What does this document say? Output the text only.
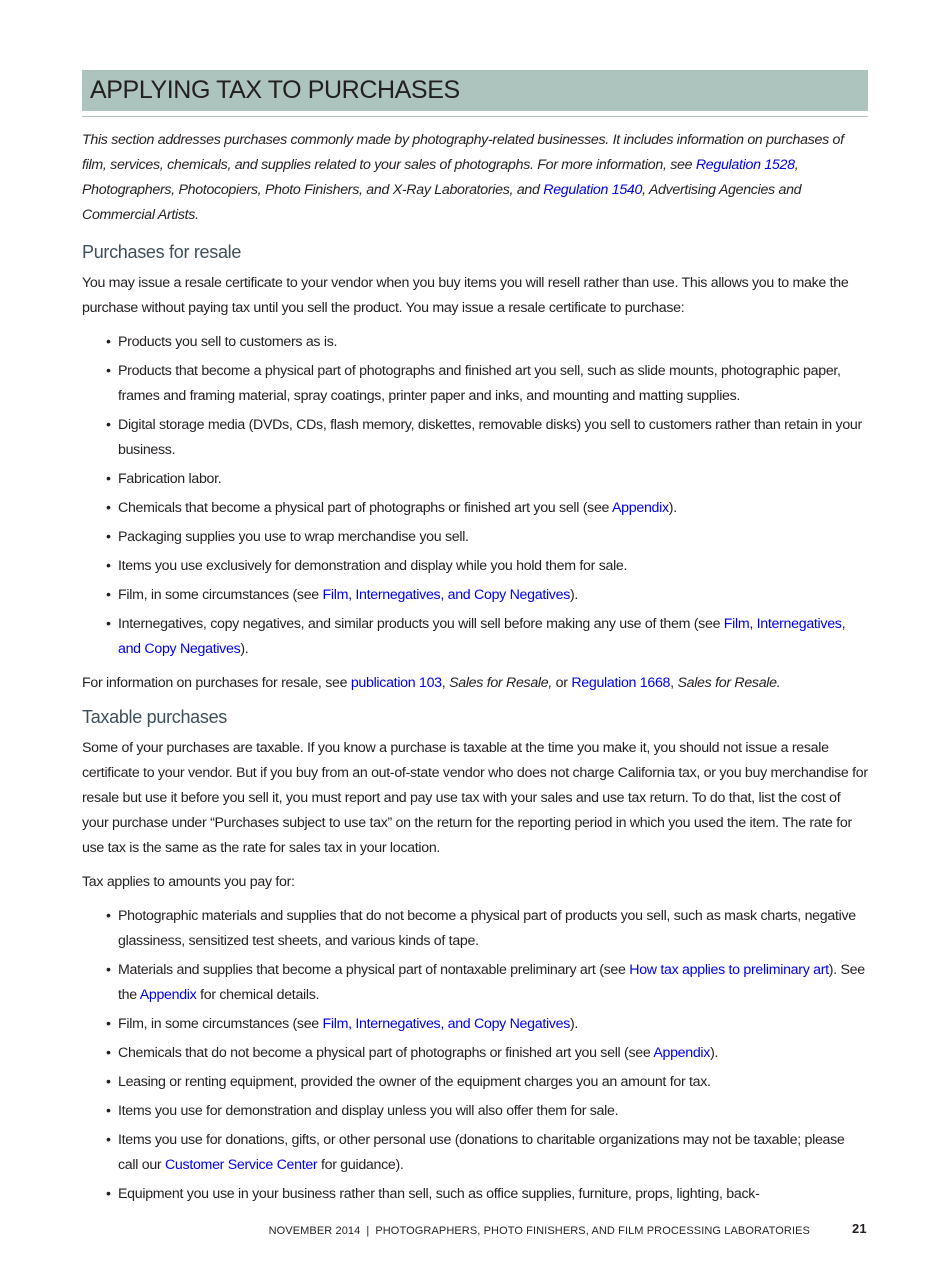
APPLYING TAX TO PURCHASES

This section addresses purchases commonly made by photography-related businesses. It includes information on purchases of film, services, chemicals, and supplies related to your sales of photographs. For more information, see Regulation 1528, Photographers, Photocopiers, Photo Finishers, and X-Ray Laboratories, and Regulation 1540, Advertising Agencies and Commercial Artists.

Purchases for resale

You may issue a resale certificate to your vendor when you buy items you will resell rather than use. This allows you to make the purchase without paying tax until you sell the product. You may issue a resale certificate to purchase:

• Products you sell to customers as is.
• Products that become a physical part of photographs and finished art you sell, such as slide mounts, photographic paper, frames and framing material, spray coatings, printer paper and inks, and mounting and matting supplies.
• Digital storage media (DVDs, CDs, flash memory, diskettes, removable disks) you sell to customers rather than retain in your business.
• Fabrication labor.
• Chemicals that become a physical part of photographs or finished art you sell (see Appendix).
• Packaging supplies you use to wrap merchandise you sell.
• Items you use exclusively for demonstration and display while you hold them for sale.
• Film, in some circumstances (see Film, Internegatives, and Copy Negatives).
• Internegatives, copy negatives, and similar products you will sell before making any use of them (see Film, Internegatives, and Copy Negatives).

For information on purchases for resale, see publication 103, Sales for Resale, or Regulation 1668, Sales for Resale.

Taxable purchases

Some of your purchases are taxable. If you know a purchase is taxable at the time you make it, you should not issue a resale certificate to your vendor. But if you buy from an out-of-state vendor who does not charge California tax, or you buy merchandise for resale but use it before you sell it, you must report and pay use tax with your sales and use tax return. To do that, list the cost of your purchase under “Purchases subject to use tax” on the return for the reporting period in which you used the item. The rate for use tax is the same as the rate for sales tax in your location.

Tax applies to amounts you pay for:

• Photographic materials and supplies that do not become a physical part of products you sell, such as mask charts, negative glassiness, sensitized test sheets, and various kinds of tape.
• Materials and supplies that become a physical part of nontaxable preliminary art (see How tax applies to preliminary art). See the Appendix for chemical details.
• Film, in some circumstances (see Film, Internegatives, and Copy Negatives).
• Chemicals that do not become a physical part of photographs or finished art you sell (see Appendix).
• Leasing or renting equipment, provided the owner of the equipment charges you an amount for tax.
• Items you use for demonstration and display unless you will also offer them for sale.
• Items you use for donations, gifts, or other personal use (donations to charitable organizations may not be taxable; please call our Customer Service Center for guidance).
• Equipment you use in your business rather than sell, such as office supplies, furniture, props, lighting, back-
NOVEMBER 2014 | PHOTOGRAPHERS, PHOTO FINISHERS, AND FILM PROCESSING LABORATORIES	21
